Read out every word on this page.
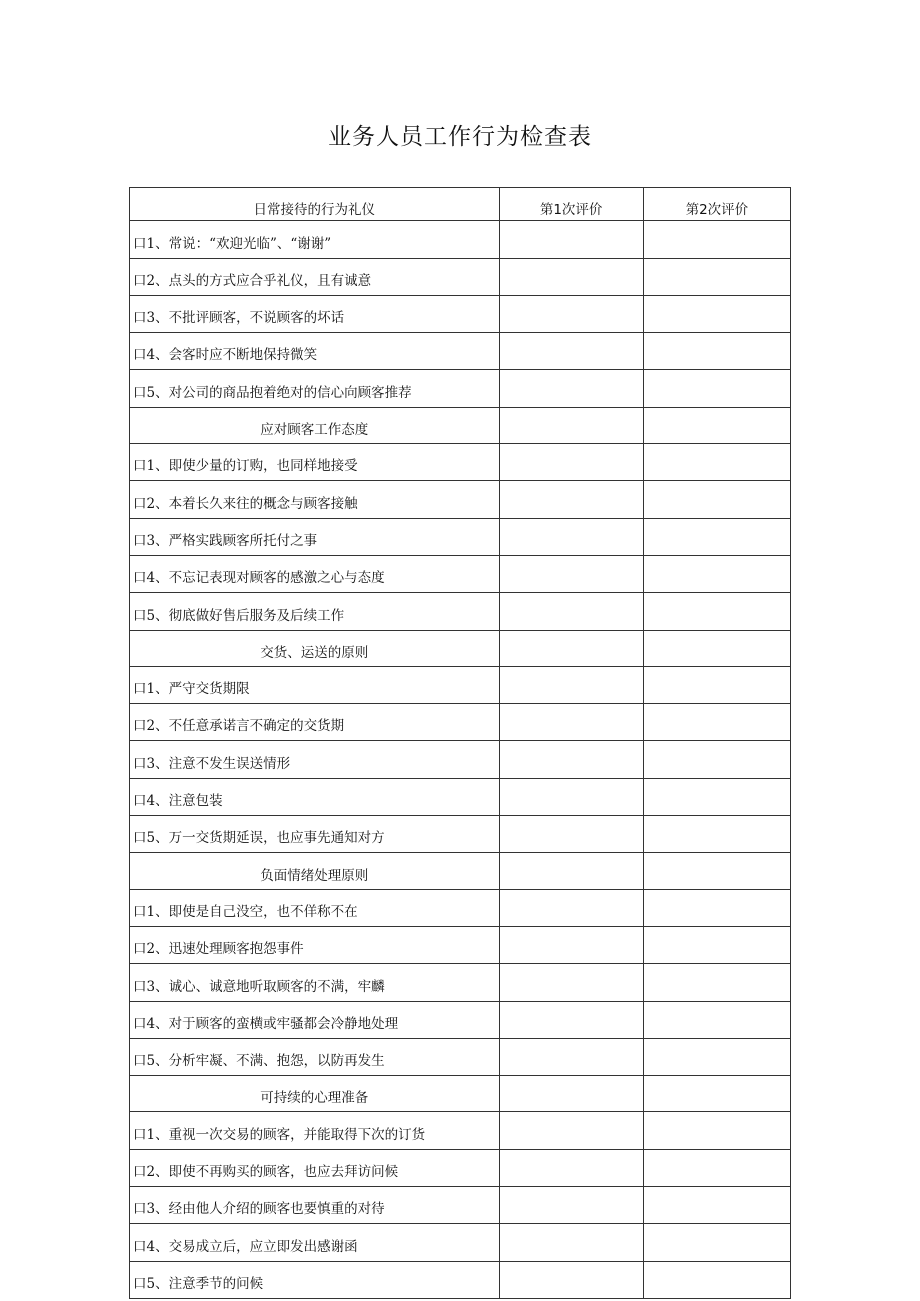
业务人员工作行为检查表
日常接待的行为礼仪	第1次评价	第2次评价
口1、常说：“欢迎光临”、“谢谢”		
口2、点头的方式应合乎礼仪，且有诚意		
口3、不批评顾客，不说顾客的坏话		
口4、会客时应不断地保持微笑		
口5、对公司的商品抱着绝对的信心向顾客推荐		
应对顾客工作态度		
口1、即使少量的订购，也同样地接受		
口2、本着长久来往的概念与顾客接触		
口3、严格实践顾客所托付之事		
口4、不忘记表现对顾客的感激之心与态度		
口5、彻底做好售后服务及后续工作		
交货、运送的原则		
口1、严守交货期限		
口2、不任意承诺言不确定的交货期		
口3、注意不发生误送情形		
口4、注意包装		
口5、万一交货期延误，也应事先通知对方		
负面情绪处理原则		
口1、即使是自己没空，也不佯称不在		
口2、迅速处理顾客抱怨事件		
口3、诚心、诚意地听取顾客的不满，牢麟		
口4、对于顾客的蛮横或牢骚都会冷静地处理		
口5、分析牢凝、不满、抱怨，以防再发生		
可持续的心理准备		
口1、重视一次交易的顾客，并能取得下次的订货		
口2、即使不再购买的顾客，也应去拜访问候		
口3、经由他人介绍的顾客也要慎重的对待		
口4、交易成立后，应立即发出感谢函		
口5、注意季节的问候		
